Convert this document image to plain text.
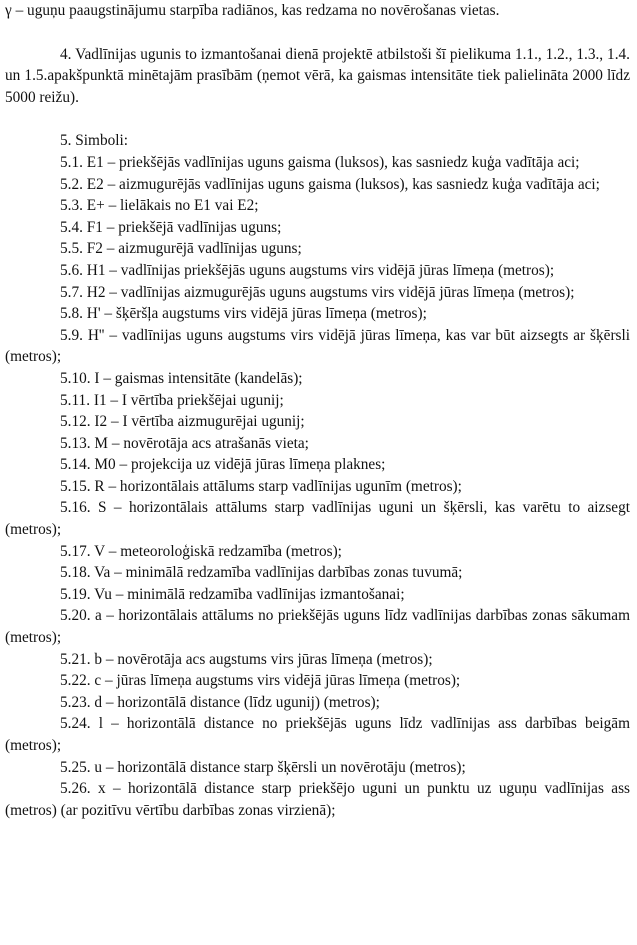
γ – uguņu paaugstinājumu starpība radiānos, kas redzama no novērošanas vietas.

4. Vadlīnijas ugunis to izmantošanai dienā projektē atbilstoši šī pielikuma 1.1., 1.2., 1.3., 1.4. un 1.5.apakšpunktā minētajām prasībām (ņemot vērā, ka gaismas intensitāte tiek palielināta 2000 līdz 5000 reižu).

5. Simboli:

5.1. E1 – priekšējās vadlīnijas uguns gaisma (luksos), kas sasniedz kuģa vadītāja aci;

5.2. E2 – aizmugurējās vadlīnijas uguns gaisma (luksos), kas sasniedz kuģa vadītāja aci;

5.3. E+ – lielākais no E1 vai E2;

5.4. F1 – priekšējā vadlīnijas uguns;

5.5. F2 – aizmugurējā vadlīnijas uguns;

5.6. H1 – vadlīnijas priekšējās uguns augstums virs vidējā jūras līmeņa (metros);

5.7. H2 – vadlīnijas aizmugurējās uguns augstums virs vidējā jūras līmeņa (metros);

5.8. H' – šķēršļa augstums virs vidējā jūras līmeņa (metros);

5.9. H'' – vadlīnijas uguns augstums virs vidējā jūras līmeņa, kas var būt aizsegts ar šķērsli (metros);

5.10. I – gaismas intensitāte (kandelās);

5.11. I1 – I vērtība priekšējai ugunij;

5.12. I2 – I vērtība aizmugurējai ugunij;

5.13. M – novērotāja acs atrašanās vieta;

5.14. M0 – projekcija uz vidējā jūras līmeņa plaknes;

5.15. R – horizontālais attālums starp vadlīnijas ugunīm (metros);

5.16. S – horizontālais attālums starp vadlīnijas uguni un šķērsli, kas varētu to aizsegt (metros);

5.17. V – meteoroloģiskā redzamība (metros);

5.18. Va – minimālā redzamība vadlīnijas darbības zonas tuvumā;

5.19. Vu – minimālā redzamība vadlīnijas izmantošanai;

5.20. a – horizontālais attālums no priekšējās uguns līdz vadlīnijas darbības zonas sākumam (metros);

5.21. b – novērotāja acs augstums virs jūras līmeņa (metros);

5.22. c – jūras līmeņa augstums virs vidējā jūras līmeņa (metros);

5.23. d – horizontālā distance (līdz ugunij) (metros);

5.24. l – horizontālā distance no priekšējās uguns līdz vadlīnijas ass darbības beigām (metros);

5.25. u – horizontālā distance starp šķērsli un novērotāju (metros);

5.26. x – horizontālā distance starp priekšējo uguni un punktu uz uguņu vadlīnijas ass (metros) (ar pozitīvu vērtību darbības zonas virzienā);
